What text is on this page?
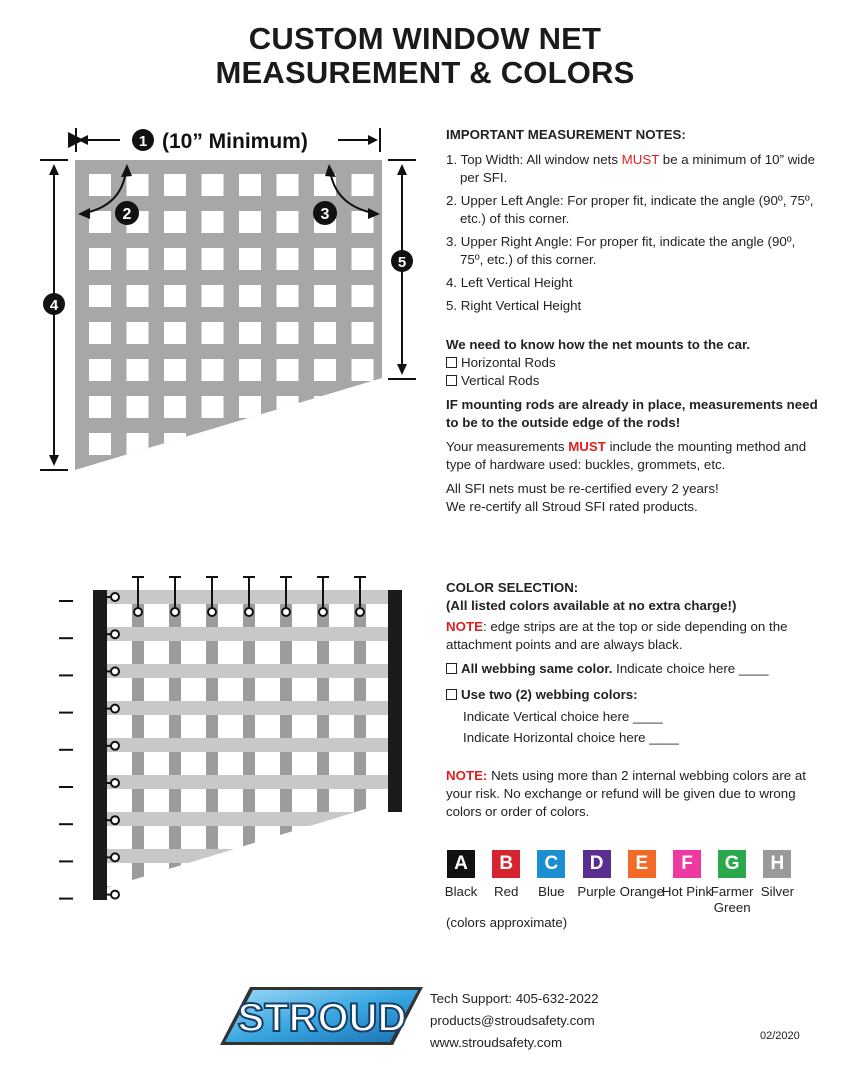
CUSTOM WINDOW NET
MEASUREMENT & COLORS
1 (10” Minimum)
4
5
2	3

IMPORTANT MEASUREMENT NOTES:

1. Top Width: All window nets MUST be a minimum of 10” wide per SFI.

2. Upper Left Angle: For proper fit, indicate the angle (90º, 75º, etc.) of this corner.

3. Upper Right Angle: For proper fit, indicate the angle (90º, 75º, etc.) of this corner.

4. Left Vertical Height

5. Right Vertical Height

We need to know how the net mounts to the car.

Horizontal Rods

Vertical Rods

IF mounting rods are already in place, measurements need to be to the outside edge of the rods!

Your measurements MUST include the mounting method and type of hardware used: buckles, grommets, etc.

All SFI nets must be re-certified every 2 years!

We re-certify all Stroud SFI rated products.

COLOR SELECTION:

(All listed colors available at no extra charge!)

NOTE: edge strips are at the top or side depending on the attachment points and are always black.

All webbing same color. Indicate choice here ____

Use two (2) webbing colors:

Indicate Vertical choice here ____

Indicate Horizontal choice here ____

NOTE: Nets using more than 2 internal webbing colors are at your risk. No exchange or refund will be given due to wrong colors or order of colors.

A
Black
B
Red
C
Blue
D
Purple
E
Orange
F
Hot Pink
G
Farmer Green
H
Silver
(colors approximate)
STROUD Tech Support: 405-632-2022
products@stroudsafety.com
www.stroudsafety.com	02/2020
